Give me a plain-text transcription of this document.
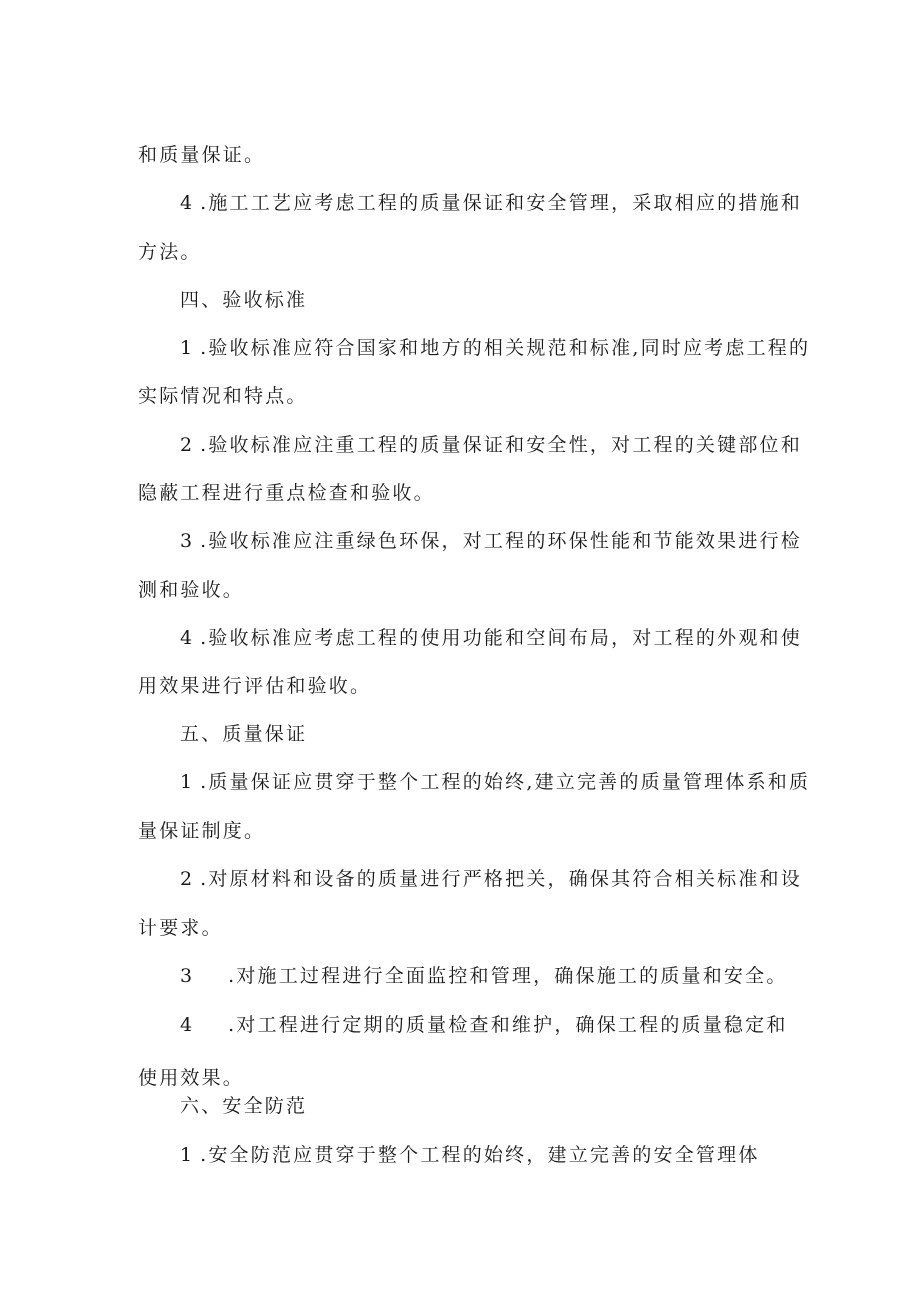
和质量保证。
4 .施工工艺应考虑工程的质量保证和安全管理，采取相应的措施和
方法。
四、验收标准
1 .验收标准应符合国家和地方的相关规范和标准,同时应考虑工程的
实际情况和特点。
2 .验收标准应注重工程的质量保证和安全性，对工程的关键部位和
隐蔽工程进行重点检查和验收。
3 .验收标准应注重绿色环保，对工程的环保性能和节能效果进行检
测和验收。
4 .验收标准应考虑工程的使用功能和空间布局，对工程的外观和使
用效果进行评估和验收。
五、质量保证
1 .质量保证应贯穿于整个工程的始终,建立完善的质量管理体系和质
量保证制度。
2 .对原材料和设备的质量进行严格把关，确保其符合相关标准和设
计要求。
3 .对施工过程进行全面监控和管理，确保施工的质量和安全。
4 .对工程进行定期的质量检查和维护，确保工程的质量稳定和
使用效果。
六、安全防范
1 .安全防范应贯穿于整个工程的始终，建立完善的安全管理体
